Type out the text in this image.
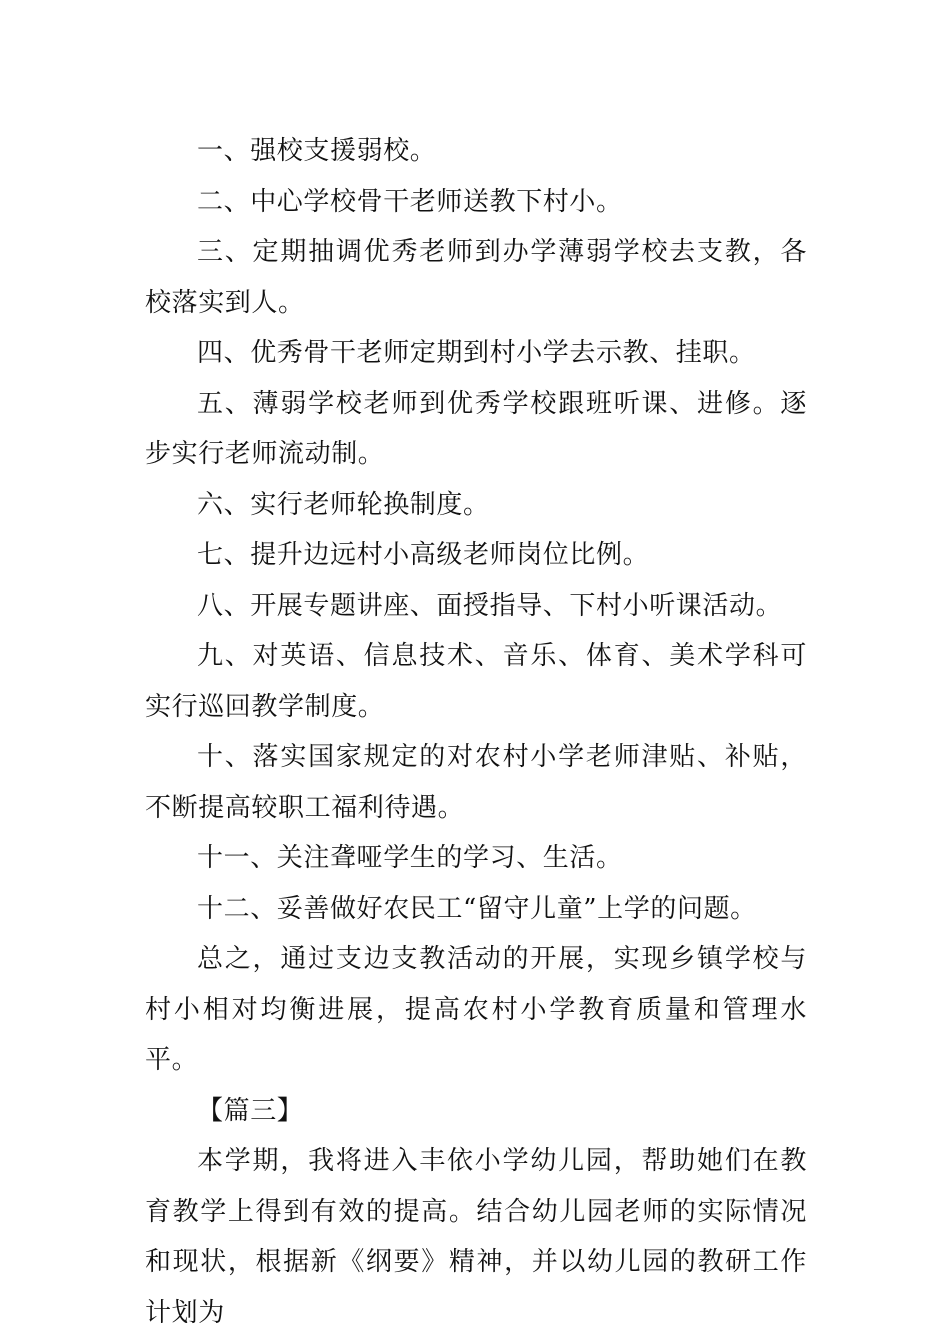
一、强校支援弱校。

二、中心学校骨干老师送教下村小。

三、定期抽调优秀老师到办学薄弱学校去支教，各校落实到人。

四、优秀骨干老师定期到村小学去示教、挂职。

五、薄弱学校老师到优秀学校跟班听课、进修。逐步实行老师流动制。

六、实行老师轮换制度。

七、提升边远村小高级老师岗位比例。

八、开展专题讲座、面授指导、下村小听课活动。

九、对英语、信息技术、音乐、体育、美术学科可实行巡回教学制度。

十、落实国家规定的对农村小学老师津贴、补贴，不断提高较职工福利待遇。

十一、关注聋哑学生的学习、生活。

十二、妥善做好农民工“留守儿童”上学的问题。

总之，通过支边支教活动的开展，实现乡镇学校与村小相对均衡进展，提高农村小学教育质量和管理水平。

【篇三】

本学期，我将进入丰依小学幼儿园，帮助她们在教育教学上得到有效的提高。结合幼儿园老师的实际情况和现状，根据新《纲要》精神，并以幼儿园的教研工作计划为
